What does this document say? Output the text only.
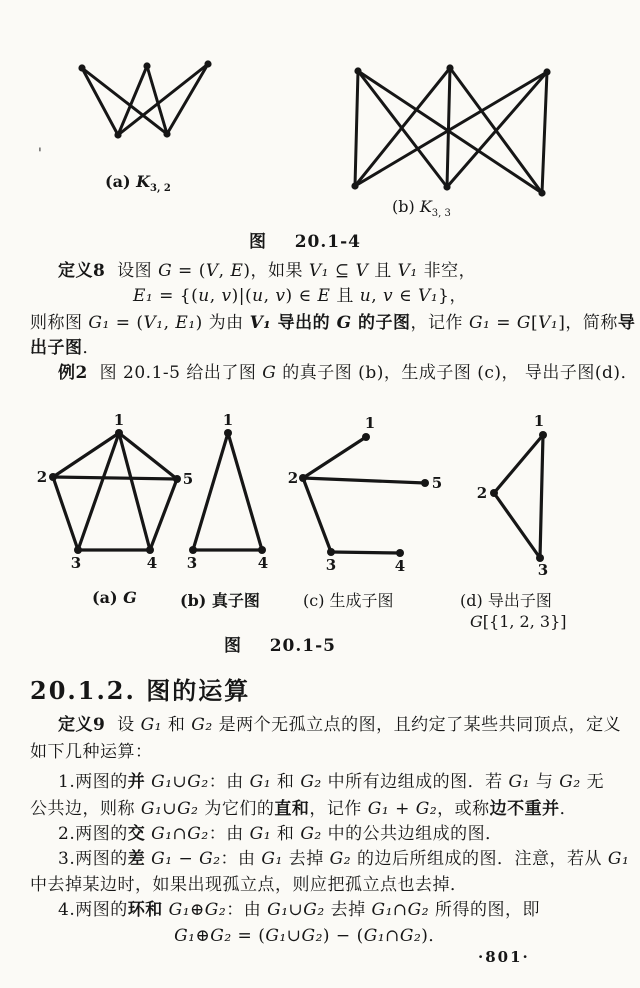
'
(a) $K_{3, 2}$
(b) $K_{3, 3}$
图    20.1-4
定义8  设图 G = (V, E)，如果 V₁ ⊆ V 且 V₁ 非空，
E₁ = {(u, v)|(u, v) ∈ E 且 u, v ∈ V₁}，
则称图 G₁ = (V₁, E₁) 为由 V₁ 导出的 G 的子图，记作 G₁ = G[V₁]，简称导
出子图．
例2  图 20.1-5 给出了图 G 的真子图 (b)，生成子图 (c)， 导出子图(d)．
1
2	5
3	4
1
3	4
1
2	5
3	4
1
2
3
(a) G	(b) 真子图	(c) 生成子图	(d) 导出子图
G[{1, 2, 3}]
图    20.1-5
20.1.2. 图的运算
定义9  设 G₁ 和 G₂ 是两个无孤立点的图，且约定了某些共同顶点，定义
如下几种运算：
1.两图的并 G₁∪G₂：由 G₁ 和 G₂ 中所有边组成的图．若 G₁ 与 G₂ 无
公共边，则称 G₁∪G₂ 为它们的直和，记作 G₁ + G₂，或称边不重并．
2.两图的交 G₁∩G₂：由 G₁ 和 G₂ 中的公共边组成的图．
3.两图的差 G₁ − G₂：由 G₁ 去掉 G₂ 的边后所组成的图．注意，若从 G₁
中去掉某边时，如果出现孤立点，则应把孤立点也去掉．
4.两图的环和 G₁⊕G₂：由 G₁∪G₂ 去掉 G₁∩G₂ 所得的图，即
G₁⊕G₂ = (G₁∪G₂) − (G₁∩G₂)．
·801·
